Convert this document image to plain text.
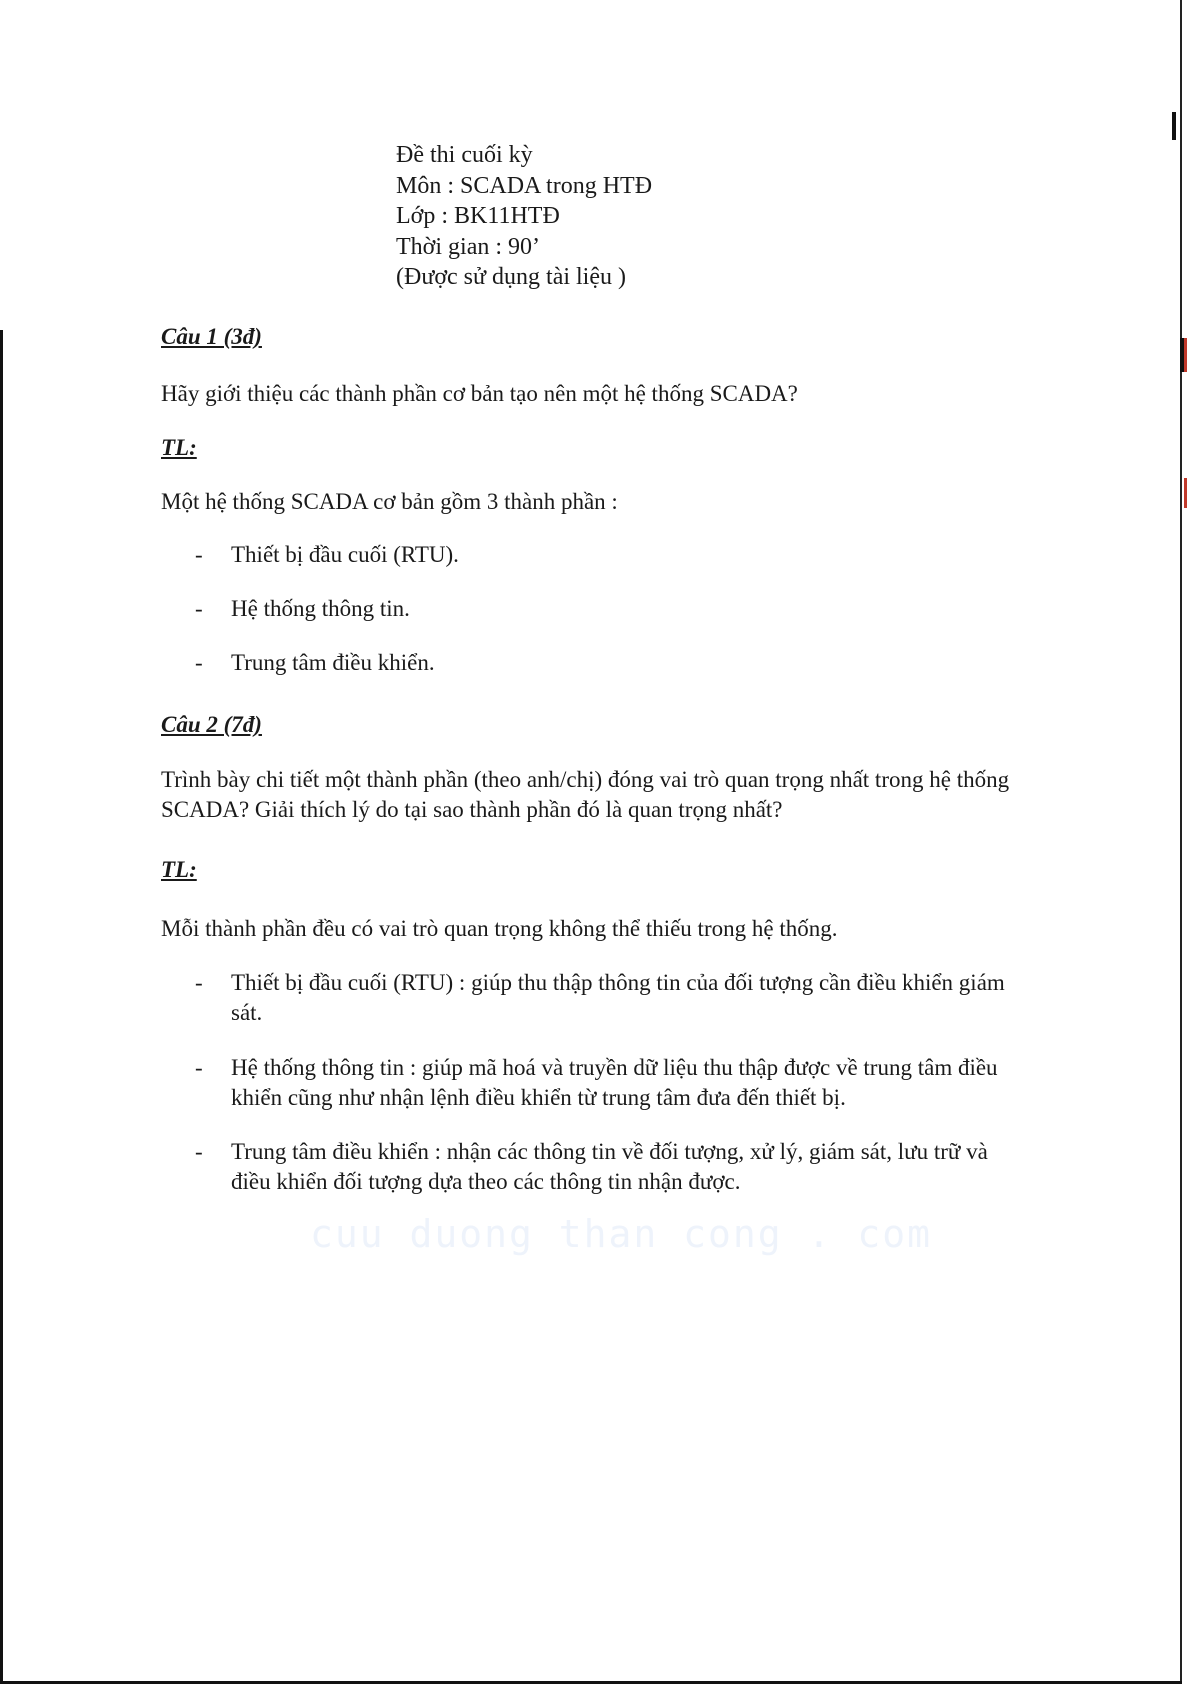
Đề thi cuối kỳ
Môn : SCADA trong HTĐ
Lớp : BK11HTĐ
Thời gian : 90’
(Được sử dụng tài liệu )
Câu 1 (3đ)
Hãy giới thiệu các thành phần cơ bản tạo nên một hệ thống SCADA?
TL:
Một hệ thống SCADA cơ bản gồm 3 thành phần :
- Thiết bị đầu cuối (RTU).
- Hệ thống thông tin.
- Trung tâm điều khiển.
Câu 2 (7đ)
Trình bày chi tiết một thành phần (theo anh/chị) đóng vai trò quan trọng nhất trong hệ thống SCADA? Giải thích lý do tại sao thành phần đó là quan trọng nhất?
TL:
Mỗi thành phần đều có vai trò quan trọng không thể thiếu trong hệ thống.
- Thiết bị đầu cuối (RTU) : giúp thu thập thông tin của đối tượng cần điều khiển giám sát.
- Hệ thống thông tin : giúp mã hoá và truyền dữ liệu thu thập được về trung tâm điều khiển cũng như nhận lệnh điều khiển từ trung tâm đưa đến thiết bị.
- Trung tâm điều khiển : nhận các thông tin về đối tượng, xử lý, giám sát, lưu trữ và điều khiển đối tượng dựa theo các thông tin nhận được.
cuu duong than cong . com
